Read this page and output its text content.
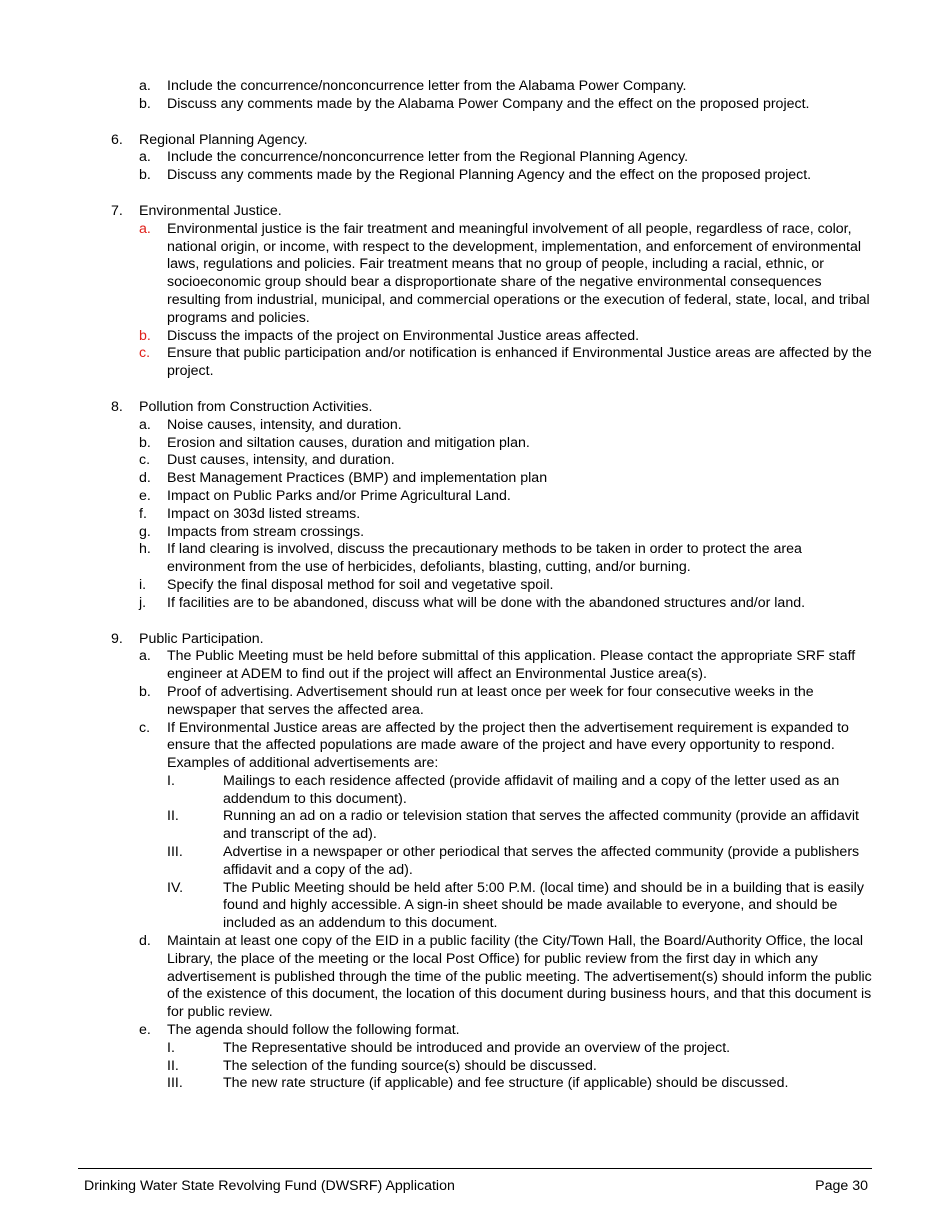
a. Include the concurrence/nonconcurrence letter from the Alabama Power Company.
b. Discuss any comments made by the Alabama Power Company and the effect on the proposed project.
6. Regional Planning Agency.
a. Include the concurrence/nonconcurrence letter from the Regional Planning Agency.
b. Discuss any comments made by the Regional Planning Agency and the effect on the proposed project.
7. Environmental Justice.
a. Environmental justice is the fair treatment and meaningful involvement of all people, regardless of race, color, national origin, or income, with respect to the development, implementation, and enforcement of environmental laws, regulations and policies. Fair treatment means that no group of people, including a racial, ethnic, or socioeconomic group should bear a disproportionate share of the negative environmental consequences resulting from industrial, municipal, and commercial operations or the execution of federal, state, local, and tribal programs and policies.
b. Discuss the impacts of the project on Environmental Justice areas affected.
c. Ensure that public participation and/or notification is enhanced if Environmental Justice areas are affected by the project.
8. Pollution from Construction Activities.
a. Noise causes, intensity, and duration.
b. Erosion and siltation causes, duration and mitigation plan.
c. Dust causes, intensity, and duration.
d. Best Management Practices (BMP) and implementation plan
e. Impact on Public Parks and/or Prime Agricultural Land.
f. Impact on 303d listed streams.
g. Impacts from stream crossings.
h. If land clearing is involved, discuss the precautionary methods to be taken in order to protect the area environment from the use of herbicides, defoliants, blasting, cutting, and/or burning.
i. Specify the final disposal method for soil and vegetative spoil.
j. If facilities are to be abandoned, discuss what will be done with the abandoned structures and/or land.
9. Public Participation.
a. The Public Meeting must be held before submittal of this application. Please contact the appropriate SRF staff engineer at ADEM to find out if the project will affect an Environmental Justice area(s).
b. Proof of advertising. Advertisement should run at least once per week for four consecutive weeks in the newspaper that serves the affected area.
c. If Environmental Justice areas are affected by the project then the advertisement requirement is expanded to ensure that the affected populations are made aware of the project and have every opportunity to respond. Examples of additional advertisements are:
I.	Mailings to each residence affected (provide affidavit of mailing and a copy of the letter used as an addendum to this document).
II.	Running an ad on a radio or television station that serves the affected community (provide an affidavit and transcript of the ad).
III.	Advertise in a newspaper or other periodical that serves the affected community (provide a publishers affidavit and a copy of the ad).
IV.	The Public Meeting should be held after 5:00 P.M. (local time) and should be in a building that is easily found and highly accessible. A sign-in sheet should be made available to everyone, and should be included as an addendum to this document.
d. Maintain at least one copy of the EID in a public facility (the City/Town Hall, the Board/Authority Office, the local Library, the place of the meeting or the local Post Office) for public review from the first day in which any advertisement is published through the time of the public meeting. The advertisement(s) should inform the public of the existence of this document, the location of this document during business hours, and that this document is for public review.
e. The agenda should follow the following format.
I.	The Representative should be introduced and provide an overview of the project.
II.	The selection of the funding source(s) should be discussed.
III.	The new rate structure (if applicable) and fee structure (if applicable) should be discussed.
Drinking Water State Revolving Fund (DWSRF) Application	Page 30
